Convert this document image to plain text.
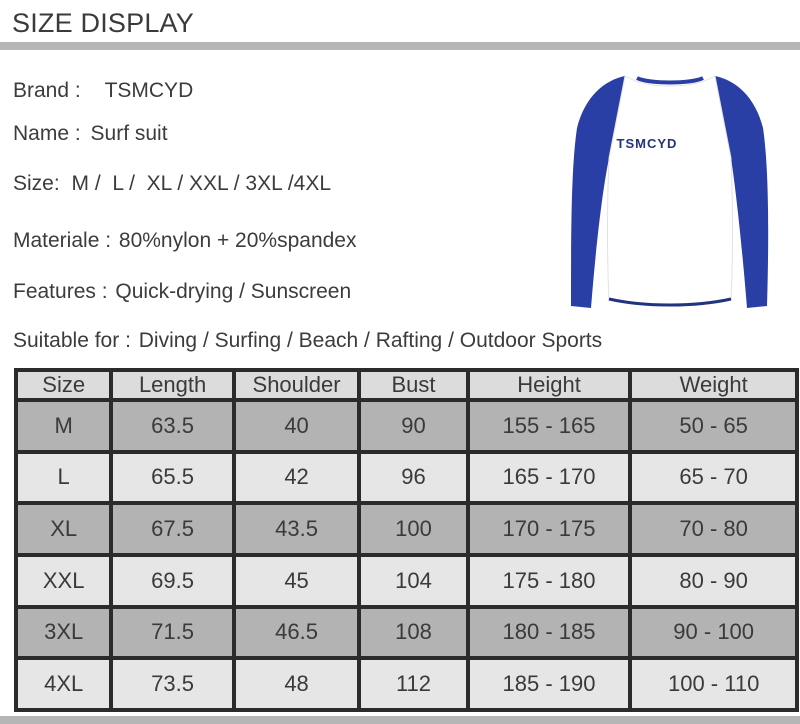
SIZE DISPLAY
Brand : TSMCYD
Name : Surf suit
Size: M /  L /  XL / XXL / 3XL /4XL
Materiale : 80%nylon + 20%spandex
Features : Quick-drying / Sunscreen
Suitable for : Diving / Surfing / Beach / Rafting / Outdoor Sports
TSMCYD
Size	Length	Shoulder	Bust	Height	Weight
M	63.5	40	90	155 - 165	50 - 65
L	65.5	42	96	165 - 170	65 - 70
XL	67.5	43.5	100	170 - 175	70 - 80
XXL	69.5	45	104	175 - 180	80 - 90
3XL	71.5	46.5	108	180 - 185	90 - 100
4XL	73.5	48	112	185 - 190	100 - 110
